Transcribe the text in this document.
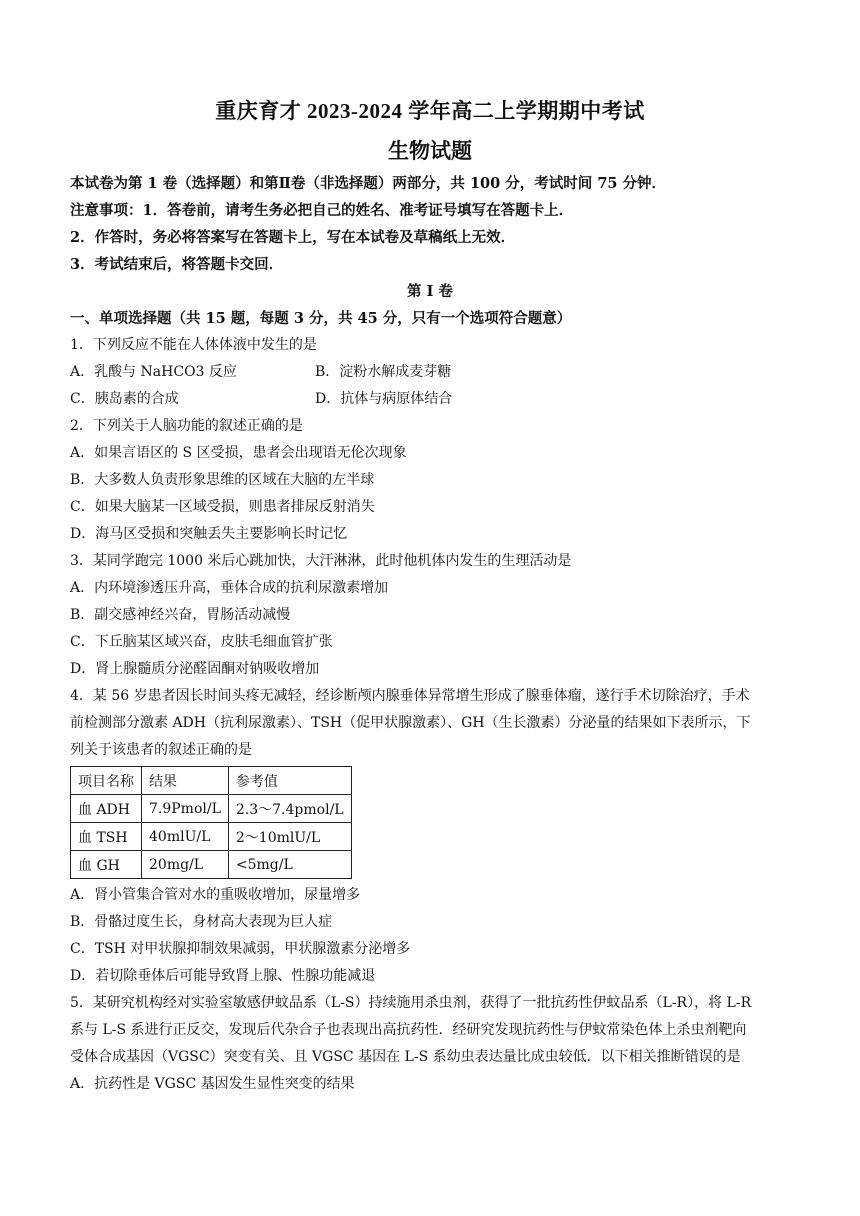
重庆育才 2023-2024 学年高二上学期期中考试
生物试题
本试卷为第 1 卷（选择题）和第Ⅱ卷（非选择题）两部分，共 100 分，考试时间 75 分钟．
注意事项：1．答卷前，请考生务必把自己的姓名、准考证号填写在答题卡上．
2．作答时，务必将答案写在答题卡上，写在本试卷及草稿纸上无效．
3．考试结束后，将答题卡交回．
第 I 卷
一、单项选择题（共 15 题，每题 3 分，共 45 分，只有一个选项符合题意）
1．下列反应不能在人体体液中发生的是
A．乳酸与 NaHCO3 反应	B．淀粉水解成麦芽糖
C．胰岛素的合成	D．抗体与病原体结合
2．下列关于人脑功能的叙述正确的是
A．如果言语区的 S 区受损，患者会出现语无伦次现象
B．大多数人负责形象思维的区域在大脑的左半球
C．如果大脑某一区域受损，则患者排尿反射消失
D．海马区受损和突触丢失主要影响长时记忆
3．某同学跑完 1000 米后心跳加快，大汗淋淋，此时他机体内发生的生理活动是
A．内环境渗透压升高，垂体合成的抗利尿激素增加
B．副交感神经兴奋，胃肠活动减慢
C．下丘脑某区域兴奋，皮肤毛细血管扩张
D．肾上腺髓质分泌醛固酮对钠吸收增加
4．某 56 岁患者因长时间头疼无减轻，经诊断颅内腺垂体异常增生形成了腺垂体瘤，遂行手术切除治疗，手术
前检测部分激素 ADH（抗利尿激素）、TSH（促甲状腺激素）、GH（生长激素）分泌量的结果如下表所示，下
列关于该患者的叙述正确的是
项目名称	结果	参考值
血 ADH	7.9Pmol/L	2.3～7.4pmol/L
血 TSH	40mlU/L	2～10mlU/L
血 GH	20mg/L	<5mg/L
A．肾小管集合管对水的重吸收增加，尿量增多
B．骨骼过度生长，身材高大表现为巨人症
C．TSH 对甲状腺抑制效果减弱，甲状腺激素分泌增多
D．若切除垂体后可能导致肾上腺、性腺功能减退
5．某研究机构经对实验室敏感伊蚊品系（L-S）持续施用杀虫剂，获得了一批抗药性伊蚊品系（L-R），将 L-R
系与 L-S 系进行正反交，发现后代杂合子也表现出高抗药性．经研究发现抗药性与伊蚊常染色体上杀虫剂靶向
受体合成基因（VGSC）突变有关、且 VGSC 基因在 L-S 系幼虫表达量比成虫较低．以下相关推断错误的是
A．抗药性是 VGSC 基因发生显性突变的结果
